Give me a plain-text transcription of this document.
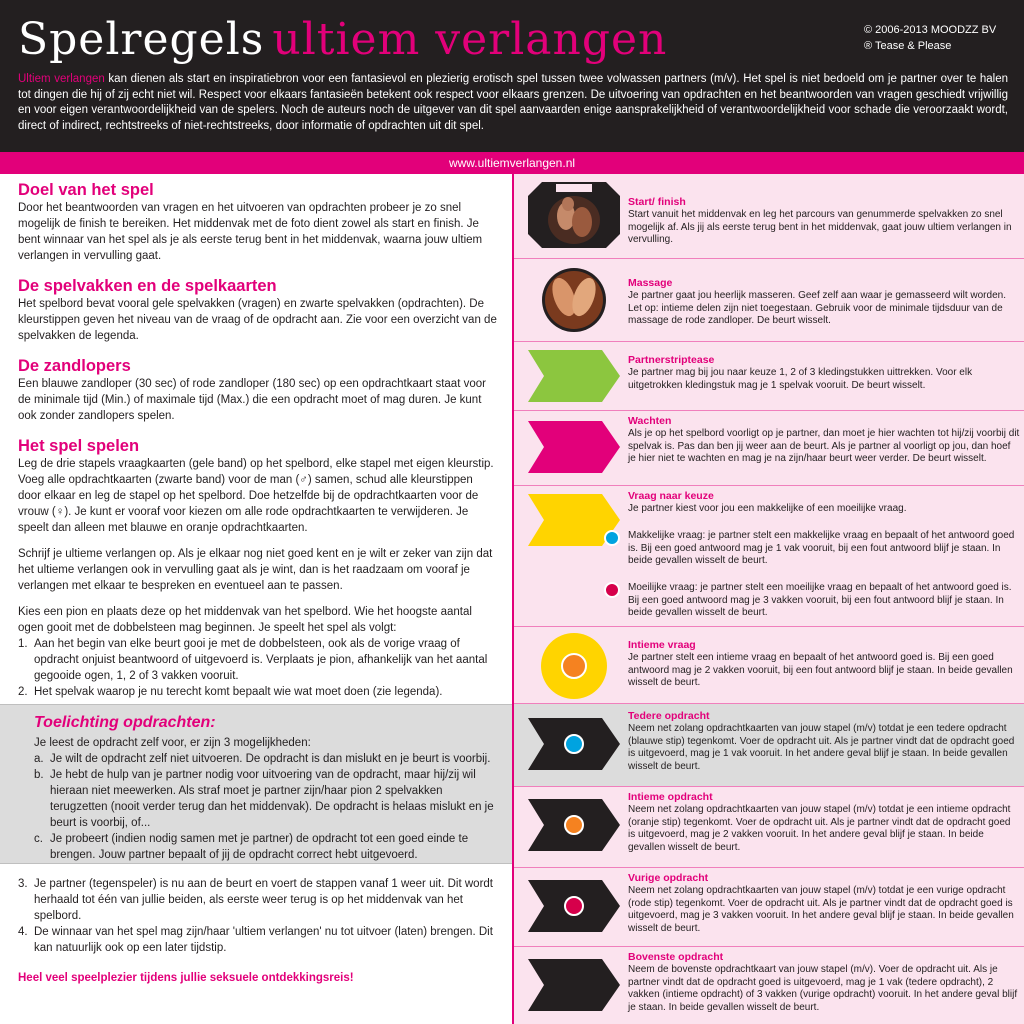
Spelregels ultiem verlangen	© 2006-2013 MOODZZ BV
® Tease & Please
Ultiem verlangen kan dienen als start en inspiratiebron voor een fantasievol en plezierig erotisch spel tussen twee volwassen partners (m/v). Het spel is niet bedoeld om je partner over te halen tot dingen die hij of zij echt niet wil. Respect voor elkaars fantasieën betekent ook respect voor elkaars grenzen. De uitvoering van opdrachten en het beantwoorden van vragen geschiedt vrijwillig en voor eigen verantwoordelijkheid van de spelers. Noch de auteurs noch de uitgever van dit spel aanvaarden enige aansprakelijkheid of verantwoordelijkheid voor schade die veroorzaakt wordt, direct of indirect, rechtstreeks of niet-rechtstreeks, door informatie of opdrachten uit dit spel.
www.ultiemverlangen.nl
Doel van het spel
Door het beantwoorden van vragen en het uitvoeren van opdrachten probeer je zo snel mogelijk de finish te bereiken. Het middenvak met de foto dient zowel als start en finish. Je bent winnaar van het spel als je als eerste terug bent in het middenvak, waarna jouw ultiem verlangen in vervulling gaat.
De spelvakken en de spelkaarten
Het spelbord bevat vooral gele spelvakken (vragen) en zwarte spelvakken (opdrachten). De kleurstippen geven het niveau van de vraag of de opdracht aan. Zie voor een overzicht van de spelvakken de legenda.
De zandlopers
Een blauwe zandloper (30 sec) of rode zandloper (180 sec) op een opdrachtkaart staat voor de minimale tijd (Min.) of maximale tijd (Max.) die een opdracht moet of mag duren. Je kunt ook zonder zandlopers spelen.
Het spel spelen
Leg de drie stapels vraagkaarten (gele band) op het spelbord, elke stapel met eigen kleurstip. Voeg alle opdrachtkaarten (zwarte band) voor de man (♂) samen, schud alle kleurstippen door elkaar en leg de stapel op het spelbord. Doe hetzelfde bij de opdrachtkaarten voor de vrouw (♀). Je kunt er vooraf voor kiezen om alle rode opdrachtkaarten te verwijderen. Je speelt dan alleen met blauwe en oranje opdrachtkaarten.
Schrijf je ultieme verlangen op. Als je elkaar nog niet goed kent en je wilt er zeker van zijn dat het ultieme verlangen ook in vervulling gaat als je wint, dan is het raadzaam om vooraf je verlangen met elkaar te bespreken en eventueel aan te passen.
Kies een pion en plaats deze op het middenvak van het spelbord. Wie het hoogste aantal ogen gooit met de dobbelsteen mag beginnen. Je speelt het spel als volgt:
1. Aan het begin van elke beurt gooi je met de dobbelsteen, ook als de vorige vraag of opdracht onjuist beantwoord of uitgevoerd is. Verplaats je pion, afhankelijk van het aantal gegooide ogen, 1, 2 of 3 vakken vooruit.
2. Het spelvak waarop je nu terecht komt bepaalt wie wat moet doen (zie legenda).
Toelichting opdrachten:
Je leest de opdracht zelf voor, er zijn 3 mogelijkheden:
a. Je wilt de opdracht zelf niet uitvoeren. De opdracht is dan mislukt en je beurt is voorbij.
b. Je hebt de hulp van je partner nodig voor uitvoering van de opdracht, maar hij/zij wil hieraan niet meewerken. Als straf moet je partner zijn/haar pion 2 spelvakken terugzetten (nooit verder terug dan het middenvak). De opdracht is helaas mislukt en je beurt is voorbij, of...
c. Je probeert (indien nodig samen met je partner) de opdracht tot een goed einde te brengen. Jouw partner bepaalt of jij de opdracht correct hebt uitgevoerd.
3. Je partner (tegenspeler) is nu aan de beurt en voert de stappen vanaf 1 weer uit. Dit wordt herhaald tot één van jullie beiden, als eerste weer terug is op het middenvak van het spelbord.
4. De winnaar van het spel mag zijn/haar 'ultiem verlangen' nu tot uitvoer (laten) brengen. Dit kan natuurlijk ook op een later tijdstip.
Heel veel speelplezier tijdens jullie seksuele ontdekkingsreis!
Start/ finish
Start vanuit het middenvak en leg het parcours van genummerde spelvakken zo snel mogelijk af. Als jij als eerste terug bent in het middenvak, gaat jouw ultiem verlangen in vervulling.
Massage
Je partner gaat jou heerlijk masseren. Geef zelf aan waar je gemasseerd wilt worden. Let op: intieme delen zijn niet toegestaan. Gebruik voor de minimale tijdsduur van de massage de rode zandloper. De beurt wisselt.
Partnerstriptease
Je partner mag bij jou naar keuze 1, 2 of 3 kledingstukken uittrekken. Voor elk uitgetrokken kledingstuk mag je 1 spelvak vooruit. De beurt wisselt.
Wachten
Als je op het spelbord voorligt op je partner, dan moet je hier wachten tot hij/zij voorbij dit spelvak is. Pas dan ben jij weer aan de beurt. Als je partner al voorligt op jou, dan hoef je hier niet te wachten en mag je na zijn/haar beurt weer verder. De beurt wisselt.
Vraag naar keuze
Je partner kiest voor jou een makkelijke of een moeilijke vraag.
Makkelijke vraag: je partner stelt een makkelijke vraag en bepaalt of het antwoord goed is. Bij een goed antwoord mag je 1 vak vooruit, bij een fout antwoord blijf je staan. In beide gevallen wisselt de beurt.
Moeilijke vraag: je partner stelt een moeilijke vraag en bepaalt of het antwoord goed is. Bij een goed antwoord mag je 3 vakken vooruit, bij een fout antwoord blijf je staan. In beide gevallen wisselt de beurt.
Intieme vraag
Je partner stelt een intieme vraag en bepaalt of het antwoord goed is. Bij een goed antwoord mag je 2 vakken vooruit, bij een fout antwoord blijf je staan. In beide gevallen wisselt de beurt.
Tedere opdracht
Neem net zolang opdrachtkaarten van jouw stapel (m/v) totdat je een tedere opdracht (blauwe stip) tegenkomt. Voer de opdracht uit. Als je partner vindt dat de opdracht goed is uitgevoerd, mag je 1 vak vooruit. In het andere geval blijf je staan. In beide gevallen wisselt de beurt.
Intieme opdracht
Neem net zolang opdrachtkaarten van jouw stapel (m/v) totdat je een intieme opdracht (oranje stip) tegenkomt. Voer de opdracht uit. Als je partner vindt dat de opdracht goed is uitgevoerd, mag je 2 vakken vooruit. In het andere geval blijf je staan. In beide gevallen wisselt de beurt.
Vurige opdracht
Neem net zolang opdrachtkaarten van jouw stapel (m/v) totdat je een vurige opdracht (rode stip) tegenkomt. Voer de opdracht uit. Als je partner vindt dat de opdracht goed is uitgevoerd, mag je 3 vakken vooruit. In het andere geval blijf je staan. In beide gevallen wisselt de beurt.
Bovenste opdracht
Neem de bovenste opdrachtkaart van jouw stapel (m/v). Voer de opdracht uit. Als je partner vindt dat de opdracht goed is uitgevoerd, mag je 1 vak (tedere opdracht), 2 vakken (intieme opdracht) of 3 vakken (vurige opdracht) vooruit. In het andere geval blijf je staan. In beide gevallen wisselt de beurt.
